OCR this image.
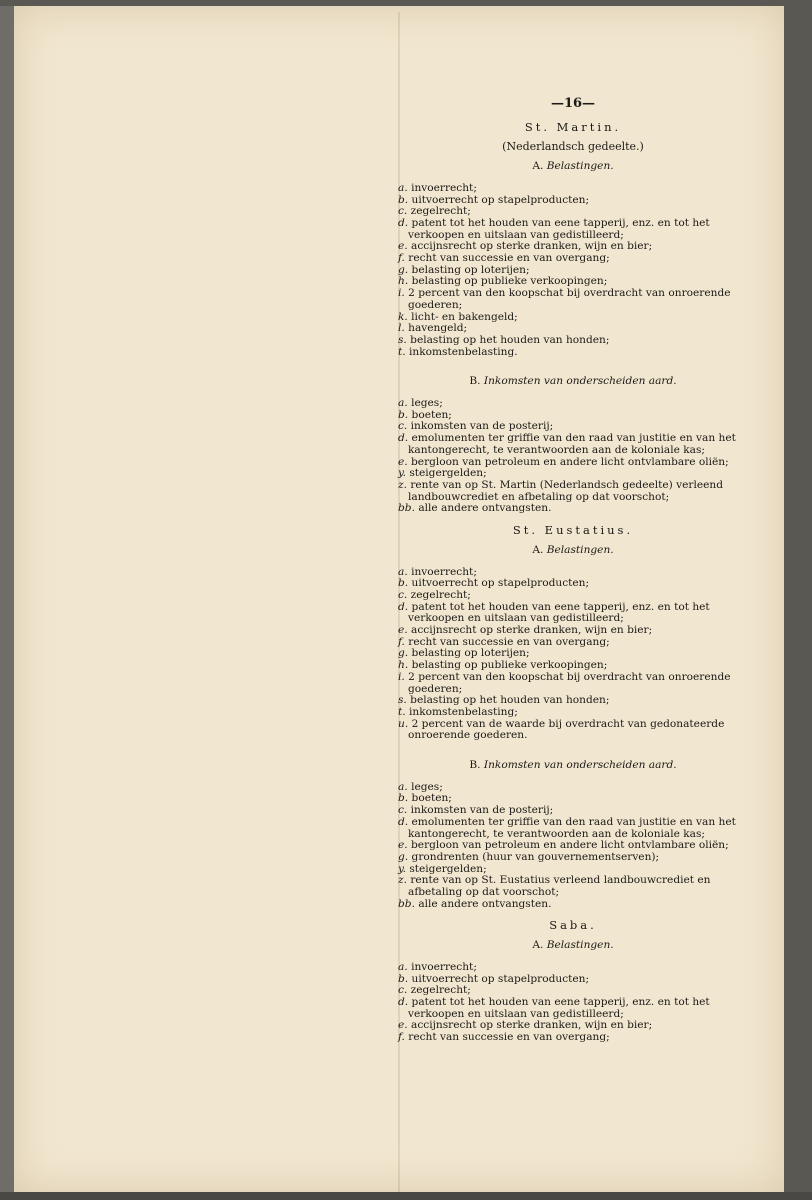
—16—
St. Martin.
(Nederlandsch gedeelte.)
A. Belastingen.
a. invoerrecht;
b. uitvoerrecht op stapelproducten;
c. zegelrecht;
d. patent tot het houden van eene tapperij, enz. en tot het verkoopen en uitslaan van gedistilleerd;
e. accijnsrecht op sterke dranken, wijn en bier;
f. recht van successie en van overgang;
g. belasting op loterijen;
h. belasting op publieke verkoopingen;
i. 2 percent van den koopschat bij overdracht van onroerende goederen;
k. licht- en bakengeld;
l. havengeld;
s. belasting op het houden van honden;
t. inkomstenbelasting.
B. Inkomsten van onderscheiden aard.
a. leges;
b. boeten;
c. inkomsten van de posterij;
d. emolumenten ter griffie van den raad van justitie en van het kantongerecht, te verantwoorden aan de koloniale kas;
e. bergloon van petroleum en andere licht ontvlambare oliën;
y. steigergelden;
z. rente van op St. Martin (Nederlandsch gedeelte) verleend landbouwcrediet en afbetaling op dat voorschot;
bb. alle andere ontvangsten.
St. Eustatius.
A. Belastingen.
a. invoerrecht;
b. uitvoerrecht op stapelproducten;
c. zegelrecht;
d. patent tot het houden van eene tapperij, enz. en tot het verkoopen en uitslaan van gedistilleerd;
e. accijnsrecht op sterke dranken, wijn en bier;
f. recht van successie en van overgang;
g. belasting op loterijen;
h. belasting op publieke verkoopingen;
i. 2 percent van den koopschat bij overdracht van onroerende goederen;
s. belasting op het houden van honden;
t. inkomstenbelasting;
u. 2 percent van de waarde bij overdracht van gedonateerde onroerende goederen.
B. Inkomsten van onderscheiden aard.
a. leges;
b. boeten;
c. inkomsten van de posterij;
d. emolumenten ter griffie van den raad van justitie en van het kantongerecht, te verantwoorden aan de koloniale kas;
e. bergloon van petroleum en andere licht ontvlambare oliën;
g. grondrenten (huur van gouvernementserven);
y. steigergelden;
z. rente van op St. Eustatius verleend landbouwcrediet en afbetaling op dat voorschot;
bb. alle andere ontvangsten.
Saba.
A. Belastingen.
a. invoerrecht;
b. uitvoerrecht op stapelproducten;
c. zegelrecht;
d. patent tot het houden van eene tapperij, enz. en tot het verkoopen en uitslaan van gedistilleerd;
e. accijnsrecht op sterke dranken, wijn en bier;
f. recht van successie en van overgang;
